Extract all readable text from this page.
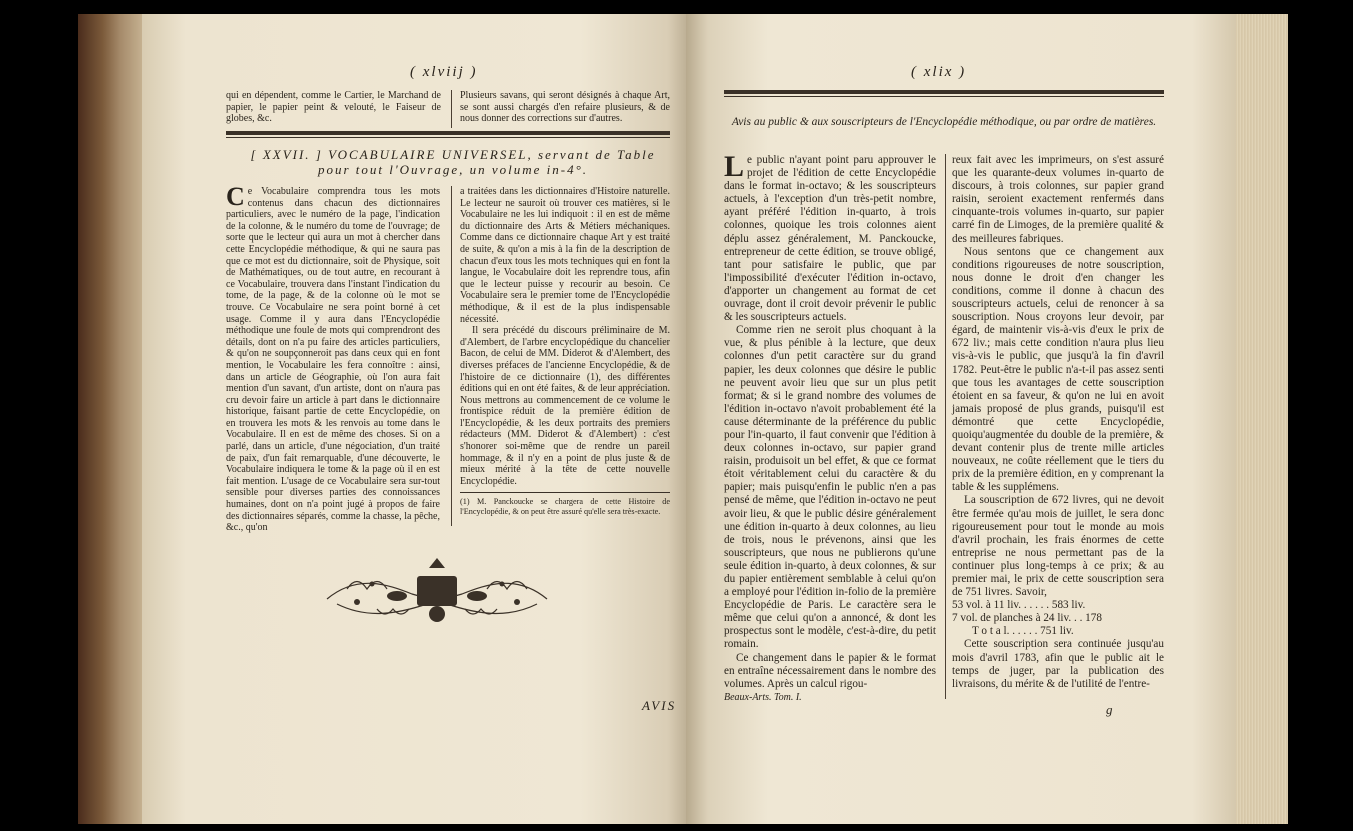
( xlviij )
qui en dépendent, comme le Cartier, le Marchand de papier, le papier peint & velouté, le Faiseur de globes, &c.
Plusieurs savans, qui seront désignés à chaque Art, se sont aussi chargés d'en refaire plusieurs, & de nous donner des corrections sur d'autres.
[ XXVII. ] VOCABULAIRE UNIVERSEL, servant de Table pour tout l'Ouvrage, un volume in-4°.
Ce Vocabulaire comprendra tous les mots contenus dans chacun des dictionnaires particuliers, avec le numéro de la page, l'indication de la colonne, & le numéro du tome de l'ouvrage; de sorte que le lecteur qui aura un mot à chercher dans cette Encyclopédie méthodique, & qui ne saura pas que ce mot est du dictionnaire, soit de Physique, soit de Mathématiques, ou de tout autre, en recourant à ce Vocabulaire, trouvera dans l'instant l'indication du tome, de la page, & de la colonne où le mot se trouve. Ce Vocabulaire ne sera point borné à cet usage. Comme il y aura dans l'Encyclopédie méthodique une foule de mots qui comprendront des détails, dont on n'a pu faire des articles particuliers, & qu'on ne soupçonneroit pas dans ceux qui en font mention, le Vocabulaire les fera connoître : ainsi, dans un article de Géographie, où l'on aura fait mention d'un savant, d'un artiste, dont on n'aura pas cru devoir faire un article à part dans le dictionnaire historique, faisant partie de cette Encyclopédie, on en trouvera les mots & les renvois au tome dans le Vocabulaire. Il en est de même des choses. Si on a parlé, dans un article, d'une négociation, d'un traité de paix, d'un fait remarquable, d'une découverte, le Vocabulaire indiquera le tome & la page où il en est fait mention. L'usage de ce Vocabulaire sera sur-tout sensible pour diverses parties des connoissances humaines, dont on n'a point jugé à propos de faire des dictionnaires séparés, comme la chasse, la pêche, &c., qu'on
a traitées dans les dictionnaires d'Histoire naturelle. Le lecteur ne sauroit où trouver ces matières, si le Vocabulaire ne les lui indiquoit : il en est de même du dictionnaire des Arts & Métiers méchaniques. Comme dans ce dictionnaire chaque Art y est traité de suite, & qu'on a mis à la fin de la description de chacun d'eux tous les mots techniques qui en font la langue, le Vocabulaire doit les reprendre tous, afin que le lecteur puisse y recourir au besoin. Ce Vocabulaire sera le premier tome de l'Encyclopédie méthodique, & il est de la plus indispensable nécessité.
Il sera précédé du discours préliminaire de M. d'Alembert, de l'arbre encyclopédique du chancelier Bacon, de celui de MM. Diderot & d'Alembert, des diverses préfaces de l'ancienne Encyclopédie, & de l'histoire de ce dictionnaire (1), des différentes éditions qui en ont été faites, & de leur appréciation. Nous mettrons au commencement de ce volume le frontispice réduit de la première édition de l'Encyclopédie, & les deux portraits des premiers rédacteurs (MM. Diderot & d'Alembert) : c'est s'honorer soi-même que de rendre un pareil hommage, & il n'y en a point de plus juste & de mieux mérité à la tête de cette nouvelle Encyclopédie.
(1) M. Panckoucke se chargera de cette Histoire de l'Encyclopédie, & on peut être assuré qu'elle sera très-exacte.
AVIS
( xlix )
Avis au public & aux souscripteurs de l'Encyclopédie méthodique, ou par ordre de matières.
Le public n'ayant point paru approuver le projet de l'édition de cette Encyclopédie dans le format in-octavo; & les souscripteurs actuels, à l'exception d'un très-petit nombre, ayant préféré l'édition in-quarto, à trois colonnes, quoique les trois colonnes aient déplu assez généralement, M. Panckoucke, entrepreneur de cette édition, se trouve obligé, tant pour satisfaire le public, que par l'impossibilité d'exécuter l'édition in-octavo, d'apporter un changement au format de cet ouvrage, dont il croit devoir prévenir le public & les souscripteurs actuels.
Comme rien ne seroit plus choquant à la vue, & plus pénible à la lecture, que deux colonnes d'un petit caractère sur du grand papier, les deux colonnes que désire le public ne peuvent avoir lieu que sur un plus petit format; & si le grand nombre des volumes de l'édition in-octavo n'avoit probablement été la cause déterminante de la préférence du public pour l'in-quarto, il faut convenir que l'édition à deux colonnes in-octavo, sur papier grand raisin, produisoit un bel effet, & que ce format étoit véritablement celui du caractère & du papier; mais puisqu'enfin le public n'en a pas pensé de même, que l'édition in-octavo ne peut avoir lieu, & que le public désire généralement une édition in-quarto à deux colonnes, au lieu de trois, nous le prévenons, ainsi que les souscripteurs, que nous ne publierons qu'une seule édition in-quarto, à deux colonnes, & sur du papier entièrement semblable à celui qu'on a employé pour l'édition in-folio de la première Encyclopédie de Paris. Le caractère sera le même que celui qu'on a annoncé, & dont les prospectus sont le modèle, c'est-à-dire, du petit romain.
Ce changement dans le papier & le format en entraîne nécessairement dans le nombre des volumes. Après un calcul rigou-
Beaux-Arts. Tom. I.
reux fait avec les imprimeurs, on s'est assuré que les quarante-deux volumes in-quarto de discours, à trois colonnes, sur papier grand raisin, seroient exactement renfermés dans cinquante-trois volumes in-quarto, sur papier carré fin de Limoges, de la première qualité & des meilleures fabriques.
Nous sentons que ce changement aux conditions rigoureuses de notre souscription, nous donne le droit d'en changer les conditions, comme il donne à chacun des souscripteurs actuels, celui de renoncer à sa souscription. Nous croyons leur devoir, par égard, de maintenir vis-à-vis d'eux le prix de 672 liv.; mais cette condition n'aura plus lieu vis-à-vis le public, que jusqu'à la fin d'avril 1782. Peut-être le public n'a-t-il pas assez senti que tous les avantages de cette souscription étoient en sa faveur, & qu'on ne lui en avoit jamais proposé de plus grands, puisqu'il est démontré que cette Encyclopédie, quoiqu'augmentée du double de la première, & devant contenir plus de trente mille articles nouveaux, ne coûte réellement que le tiers du prix de la première édition, en y comprenant la table & les supplémens.
La souscription de 672 livres, qui ne devoit être fermée qu'au mois de juillet, le sera donc rigoureusement pour tout le monde au mois d'avril prochain, les frais énormes de cette entreprise ne nous permettant pas de la continuer plus long-temps à ce prix; & au premier mai, le prix de cette souscription sera de 751 livres. Savoir,
53 vol. à 11 liv. . . . . . 583 liv.
7 vol. de planches à 24 liv. . . 178
T o t a l. . . . . . 751 liv.
Cette souscription sera continuée jusqu'au mois d'avril 1783, afin que le public ait le temps de juger, par la publication des livraisons, du mérite & de l'utilité de l'entre-
g
